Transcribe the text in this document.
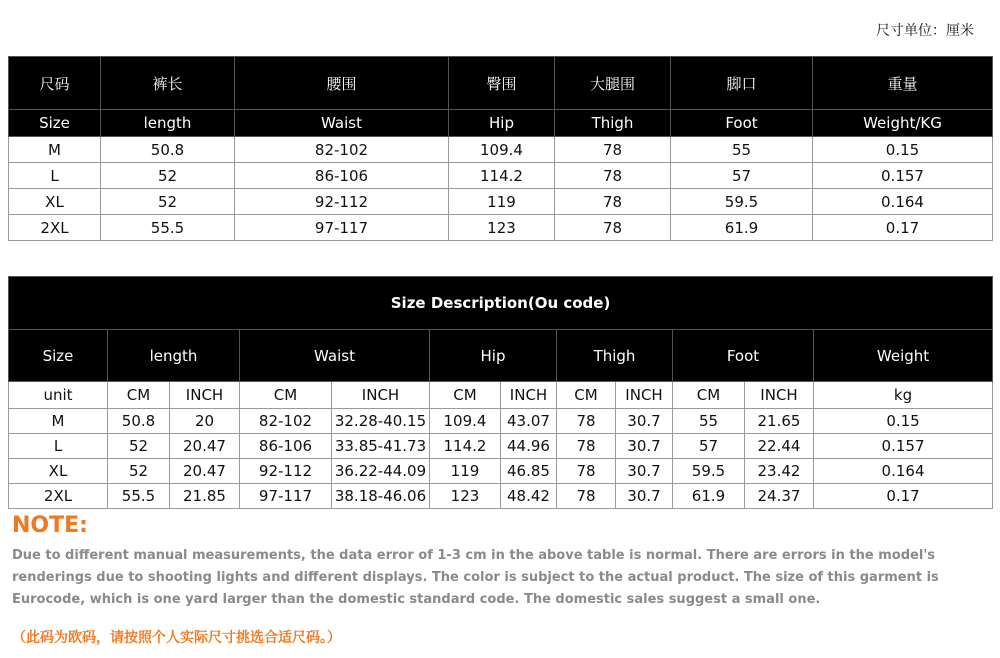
尺寸单位：厘米
尺码	裤长	腰围	臀围	大腿围	脚口	重量
Size	length	Waist	Hip	Thigh	Foot	Weight/KG
M	50.8	82-102	109.4	78	55	0.15
L	52	86-106	114.2	78	57	0.157
XL	52	92-112	119	78	59.5	0.164
2XL	55.5	97-117	123	78	61.9	0.17
Size Description(Ou code)											
Size	length		Waist		Hip		Thigh		Foot		Weight
unit	CM	INCH	CM	INCH	CM	INCH	CM	INCH	CM	INCH	kg
M	50.8	20	82-102	32.28-40.15	109.4	43.07	78	30.7	55	21.65	0.15
L	52	20.47	86-106	33.85-41.73	114.2	44.96	78	30.7	57	22.44	0.157
XL	52	20.47	92-112	36.22-44.09	119	46.85	78	30.7	59.5	23.42	0.164
2XL	55.5	21.85	97-117	38.18-46.06	123	48.42	78	30.7	61.9	24.37	0.17
NOTE:
Due to different manual measurements, the data error of 1-3 cm in the above table is normal. There are errors in the model's renderings due to shooting lights and different displays. The color is subject to the actual product. The size of this garment is Eurocode, which is one yard larger than the domestic standard code. The domestic sales suggest a small one.
（此码为欧码，请按照个人实际尺寸挑选合适尺码。）
